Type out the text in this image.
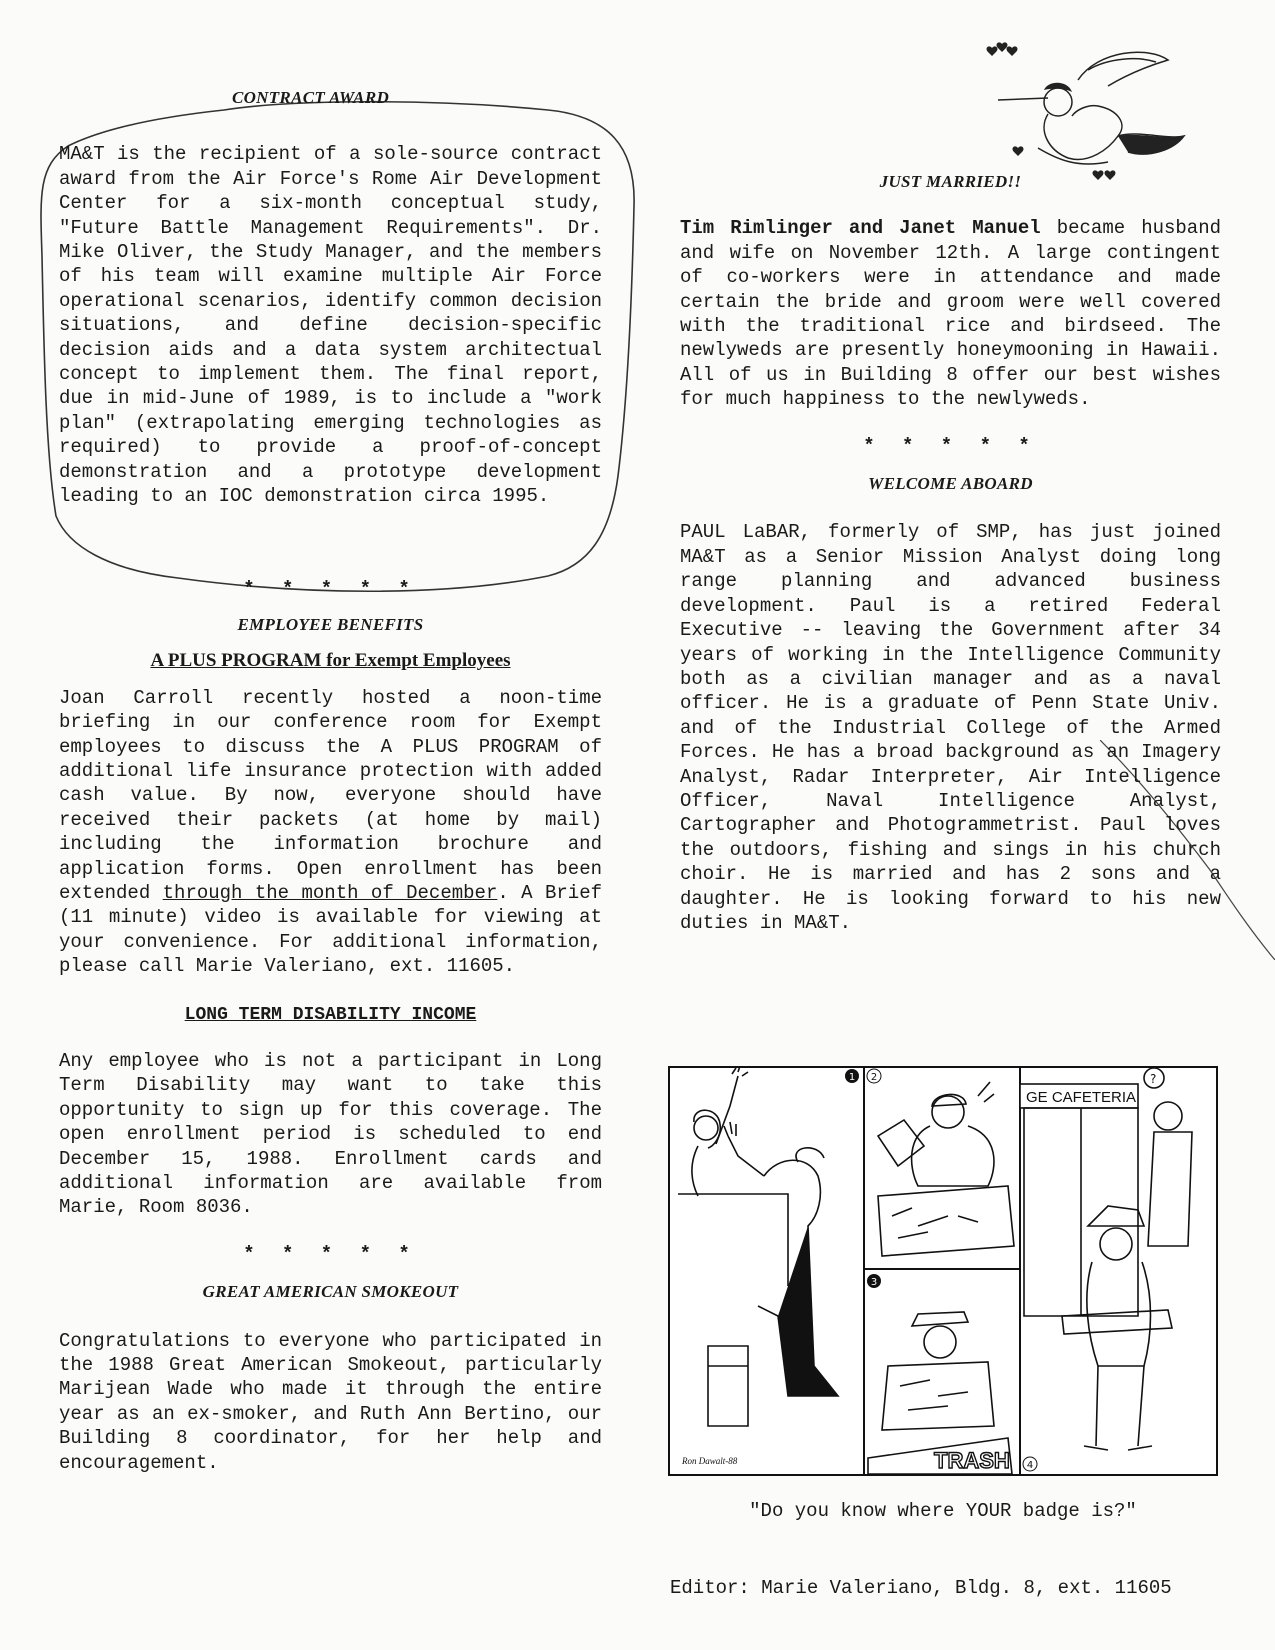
CONTRACT AWARD

MA&T is the recipient of a sole-source contract award from the Air Force's Rome Air Development Center for a six-month conceptual study, "Future Battle Management Requirements". Dr. Mike Oliver, the Study Manager, and the members of his team will examine multiple Air Force operational scenarios, identify common decision situations, and define decision-specific decision aids and a data system architectual concept to implement them. The final report, due in mid-June of 1989, is to include a "work plan" (extrapolating emerging technologies as required) to provide a proof-of-concept demonstration and a prototype development leading to an IOC demonstration circa 1995.

* * * * *

EMPLOYEE BENEFITS

A PLUS PROGRAM for Exempt Employees

Joan Carroll recently hosted a noon-time briefing in our conference room for Exempt employees to discuss the A PLUS PROGRAM of additional life insurance protection with added cash value. By now, everyone should have received their packets (at home by mail) including the information brochure and application forms. Open enrollment has been extended through the month of December. A Brief (11 minute) video is available for viewing at your convenience. For additional information, please call Marie Valeriano, ext. 11605.

LONG TERM DISABILITY INCOME

Any employee who is not a participant in Long Term Disability may want to take this opportunity to sign up for this coverage. The open enrollment period is scheduled to end December 15, 1988. Enrollment cards and additional information are available from Marie, Room 8036.

* * * * *

GREAT AMERICAN SMOKEOUT

Congratulations to everyone who participated in the 1988 Great American Smokeout, particularly Marijean Wade who made it through the entire year as an ex-smoker, and Ruth Ann Bertino, our Building 8 coordinator, for her help and encouragement.

JUST MARRIED!!

Tim Rimlinger and Janet Manuel became husband and wife on November 12th. A large contingent of co-workers were in attendance and made certain the bride and groom were well covered with the traditional rice and birdseed. The newlyweds are presently honeymooning in Hawaii. All of us in Building 8 offer our best wishes for much happiness to the newlyweds.

* * * * *

WELCOME ABOARD

PAUL LaBAR, formerly of SMP, has just joined MA&T as a Senior Mission Analyst doing long range planning and advanced business development. Paul is a retired Federal Executive -- leaving the Government after 34 years of working in the Intelligence Community both as a civilian manager and as a naval officer. He is a graduate of Penn State Univ. and of the Industrial College of the Armed Forces. He has a broad background as an Imagery Analyst, Radar Interpreter, Air Intelligence Officer, Naval Intelligence Analyst, Cartographer and Photogrammetrist. Paul loves the outdoors, fishing and sings in his church choir. He is married and has 2 sons and a daughter. He is looking forward to his new duties in MA&T.

1 2
3
4
TRASH
GE CAFETERIA
?
Ron Dawalt-88
"Do you know where YOUR badge is?"
Editor: Marie Valeriano, Bldg. 8, ext. 11605
